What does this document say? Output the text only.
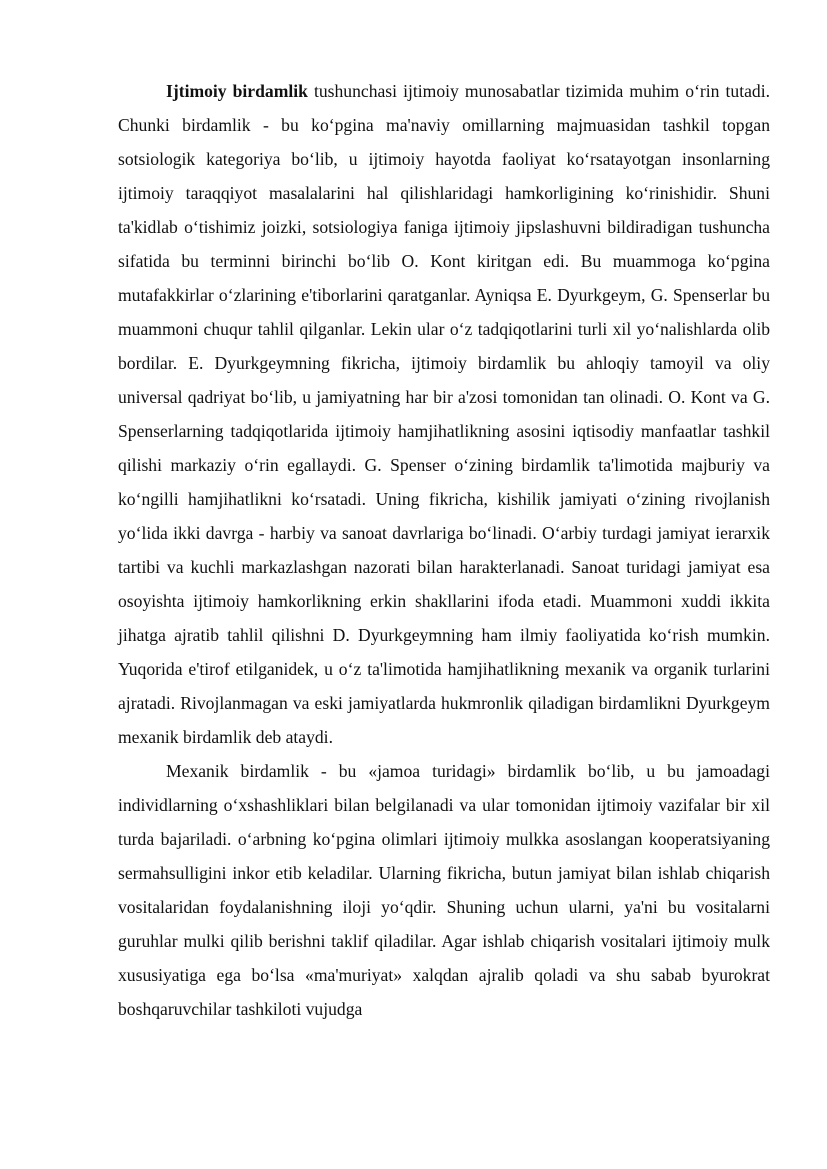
Ijtimoiy birdamlik tushunchasi ijtimoiy munosabatlar tizimida muhim o‘rin tutadi. Chunki birdamlik - bu ko‘pgina ma'naviy omillarning majmuasidan tashkil topgan sotsiologik kategoriya bo‘lib, u ijtimoiy hayotda faoliyat ko‘rsatayotgan insonlarning ijtimoiy taraqqiyot masalalarini hal qilishlaridagi hamkorligining ko‘rinishidir. Shuni ta'kidlab o‘tishimiz joizki, sotsiologiya faniga ijtimoiy jipslashuvni bildiradigan tushuncha sifatida bu terminni birinchi bo‘lib O. Kont kiritgan edi. Bu muammoga ko‘pgina mutafakkirlar o‘zlarining e'tiborlarini qaratganlar. Ayniqsa E. Dyurkgeym, G. Spenserlar bu muammoni chuqur tahlil qilganlar. Lekin ular o‘z tadqiqotlarini turli xil yo‘nalishlarda olib bordilar. E. Dyurkgeymning fikricha, ijtimoiy birdamlik bu ahloqiy tamoyil va oliy universal qadriyat bo‘lib, u jamiyatning har bir a'zosi tomonidan tan olinadi. O. Kont va G. Spenserlarning tadqiqotlarida ijtimoiy hamjihatlikning asosini iqtisodiy manfaatlar tashkil qilishi markaziy o‘rin egallaydi. G. Spenser o‘zining birdamlik ta'limotida majburiy va ko‘ngilli hamjihatlikni ko‘rsatadi. Uning fikricha, kishilik jamiyati o‘zining rivojlanish yo‘lida ikki davrga - harbiy va sanoat davrlariga bo‘linadi. O‘arbiy turdagi jamiyat ierarxik tartibi va kuchli markazlashgan nazorati bilan harakterlanadi. Sanoat turidagi jamiyat esa osoyishta ijtimoiy hamkorlikning erkin shakllarini ifoda etadi. Muammoni xuddi ikkita jihatga ajratib tahlil qilishni D. Dyurkgeymning ham ilmiy faoliyatida ko‘rish mumkin. Yuqorida e'tirof etilganidek, u o‘z ta'limotida hamjihatlikning mexanik va organik turlarini ajratadi. Rivojlanmagan va eski jamiyatlarda hukmronlik qiladigan birdamlikni Dyurkgeym mexanik birdamlik deb ataydi.

Mexanik birdamlik - bu «jamoa turidagi» birdamlik bo‘lib, u bu jamoadagi individlarning o‘xshashliklari bilan belgilanadi va ular tomonidan ijtimoiy vazifalar bir xil turda bajariladi. o‘arbning ko‘pgina olimlari ijtimoiy mulkka asoslangan kooperatsiyaning sermahsulligini inkor etib keladilar. Ularning fikricha, butun jamiyat bilan ishlab chiqarish vositalaridan foydalanishning iloji yo‘qdir. Shuning uchun ularni, ya'ni bu vositalarni guruhlar mulki qilib berishni taklif qiladilar. Agar ishlab chiqarish vositalari ijtimoiy mulk xususiyatiga ega bo‘lsa «ma'muriyat» xalqdan ajralib qoladi va shu sabab byurokrat boshqaruvchilar tashkiloti vujudga
